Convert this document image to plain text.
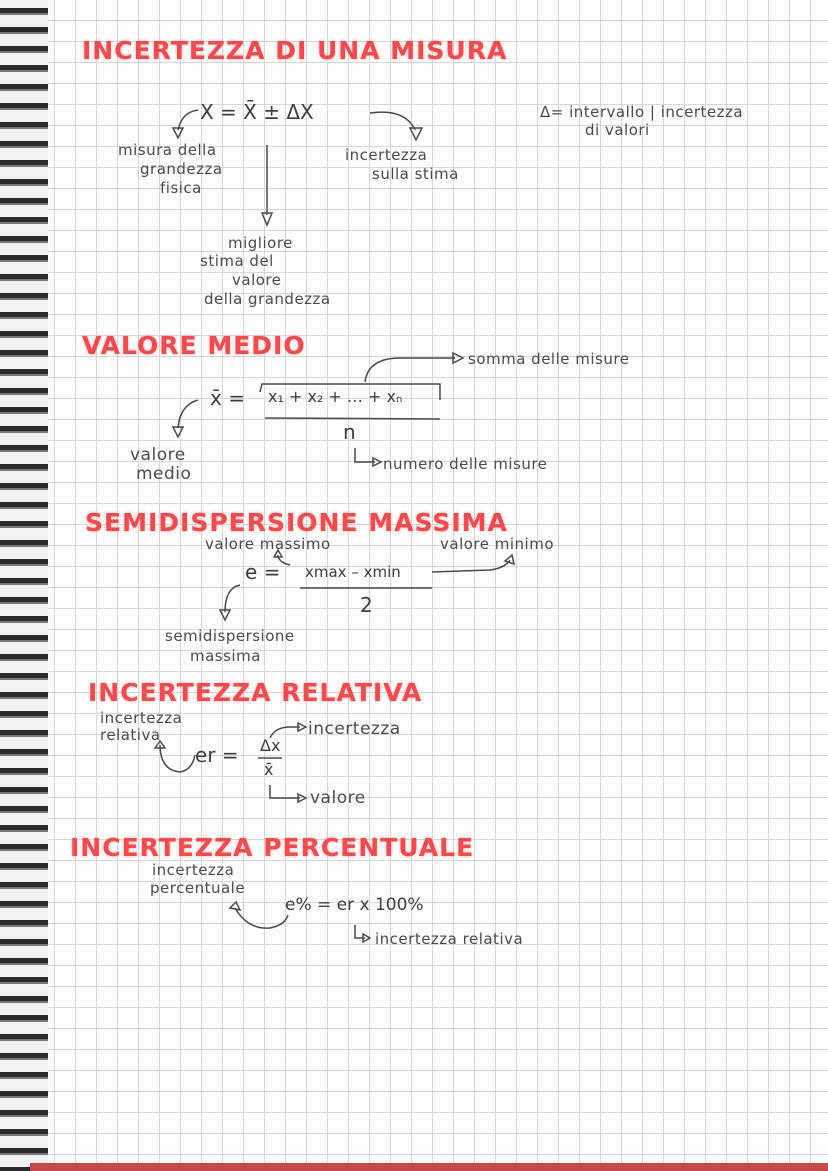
INCERTEZZA DI UNA MISURA
X = X̄ ± ΔX	Δ= intervallo | incertezza
di valori
misura della
grandezza
fisica
incertezza
sulla stima
migliore
stima del
valore
della grandezza
VALORE MEDIO	somma delle misure
x̄ = x₁ + x₂ + … + xₙ
n
valore
medio	numero delle misure
SEMIDISPERSIONE MASSIMA
valore massimo	valore minimo
e = xmax – xmin
2
semidispersione
massima
INCERTEZZA RELATIVA
incertezza
relativa
er = Δx
x̄
incertezza
valore
INCERTEZZA PERCENTUALE
incertezza
percentuale
e% = er x 100%
incertezza relativa
